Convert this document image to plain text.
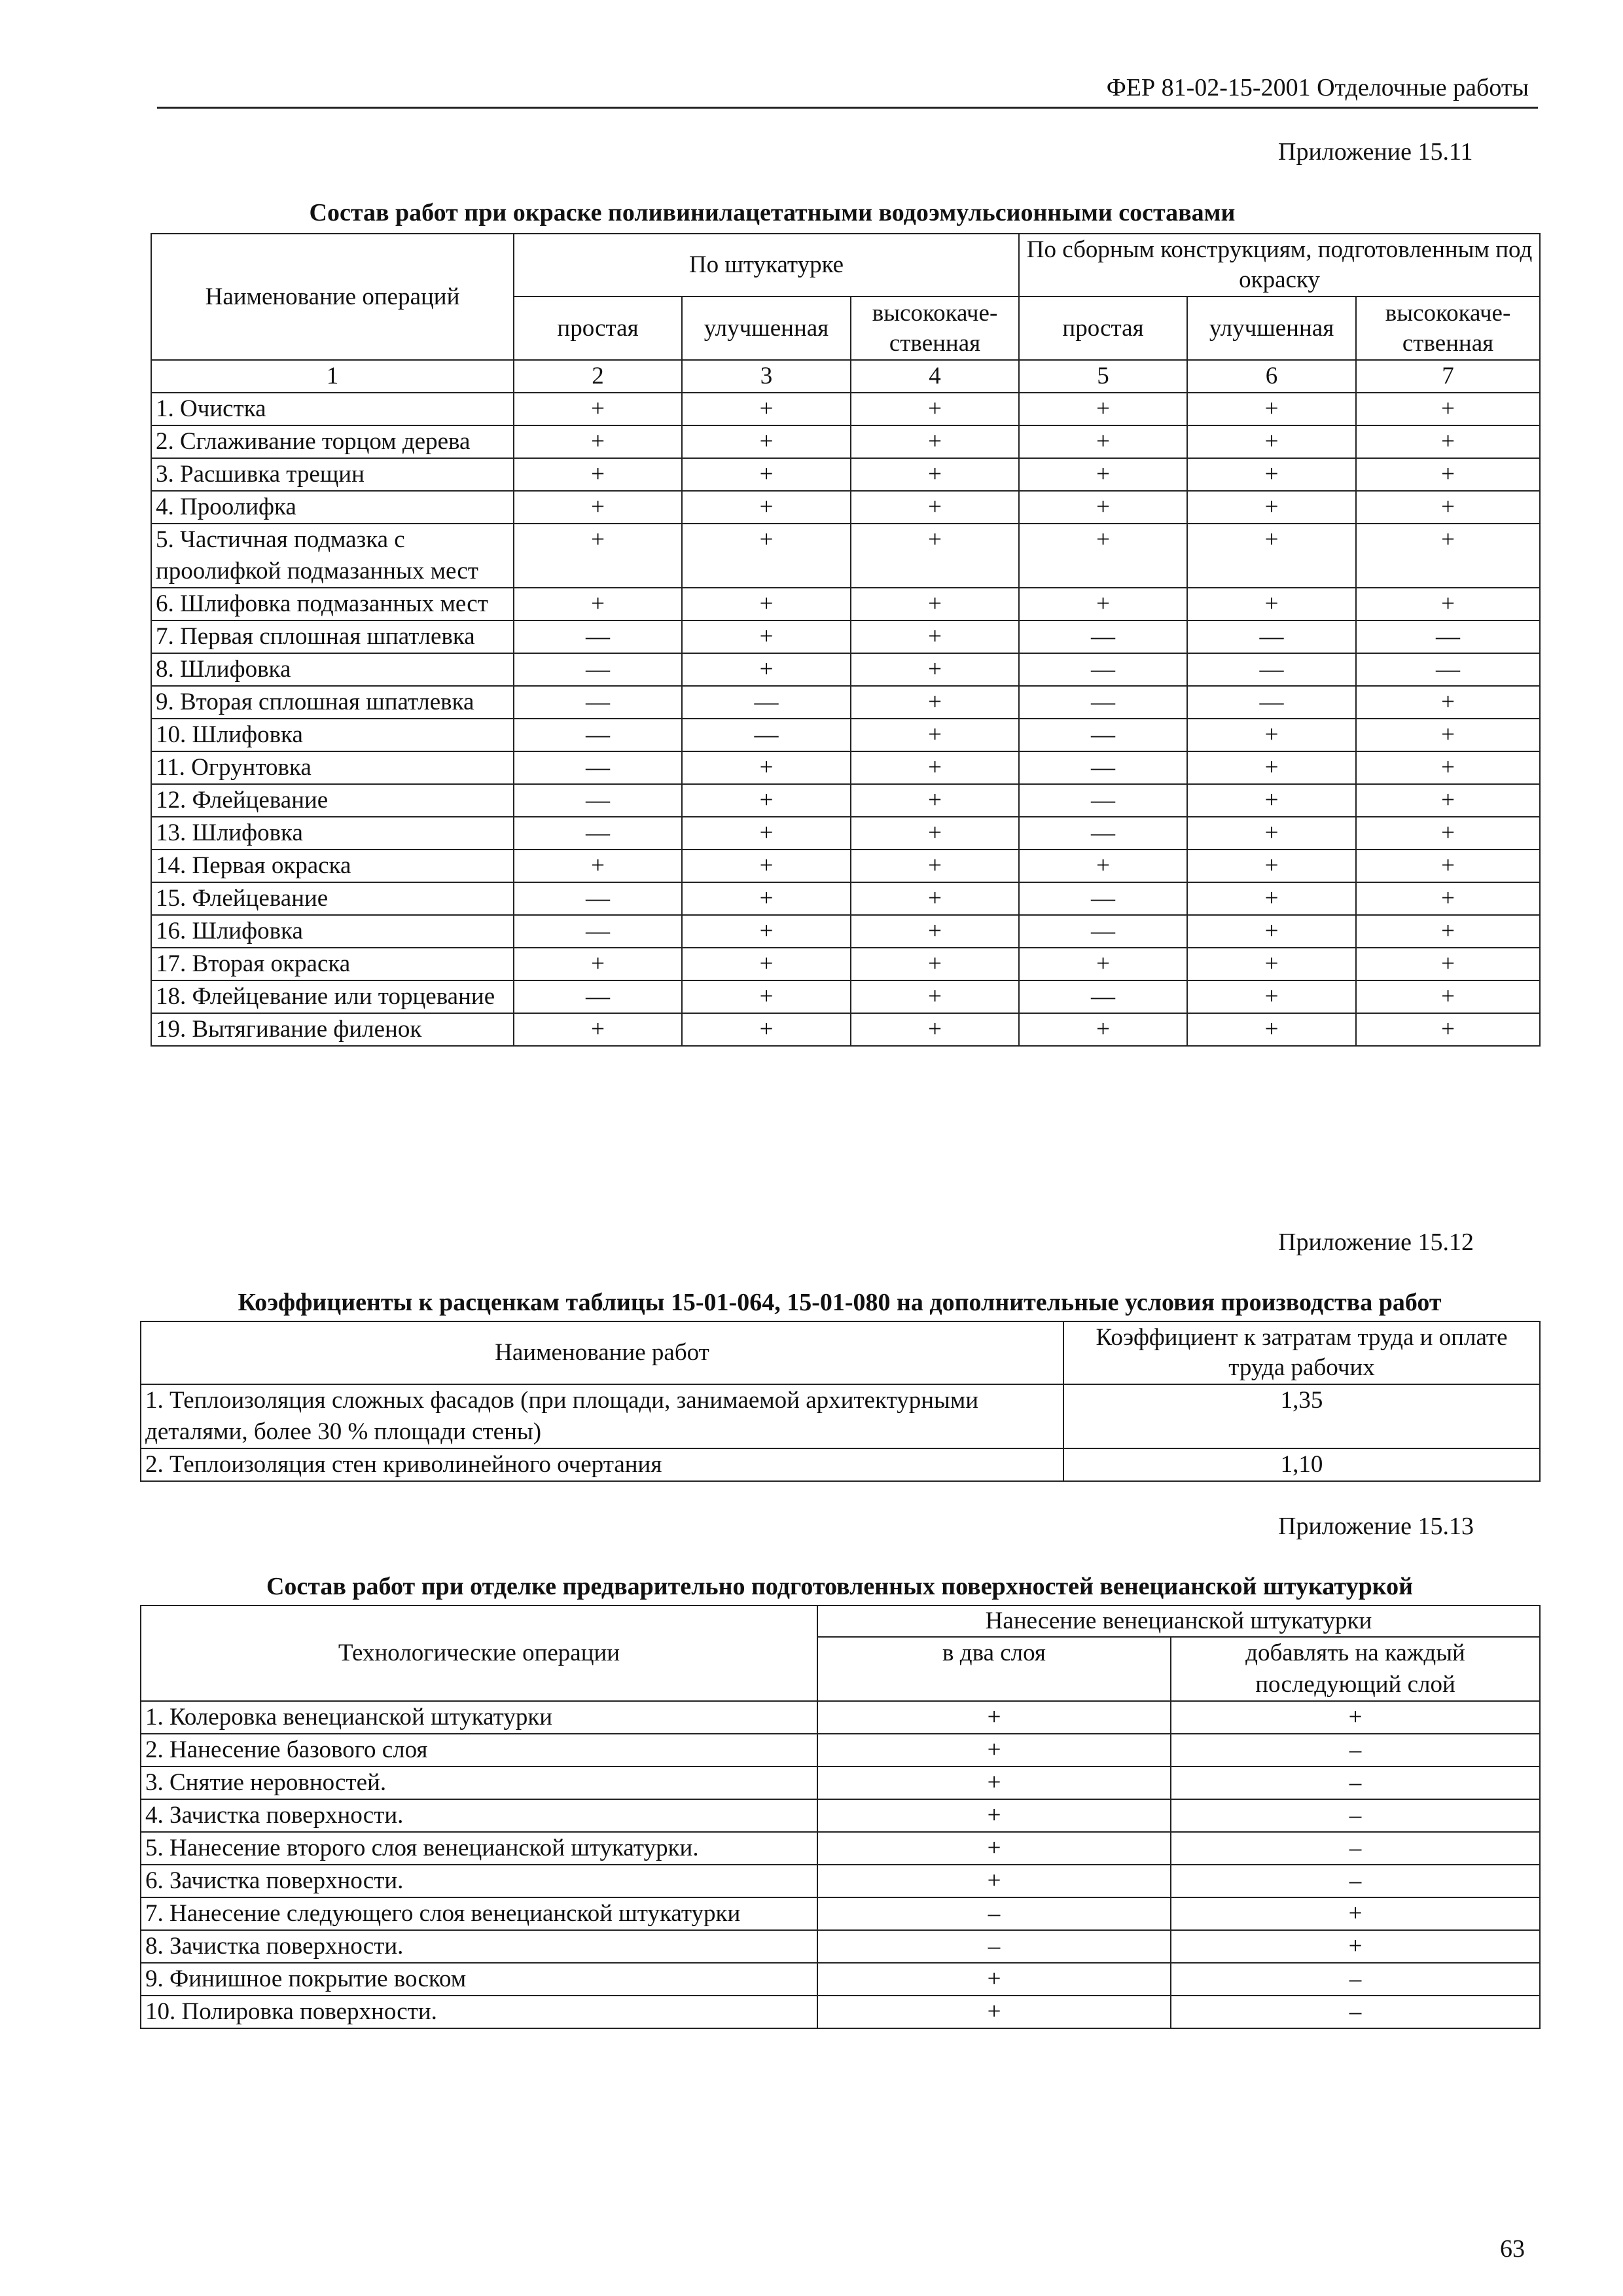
ФЕР 81-02-15-2001 Отделочные работы
Приложение 15.11
Состав работ при окраске поливинилацетатными водоэмульсионными составами
Наименование операций	По штукатурке			По сборным конструкциям, подготовленным под окраску		
	простая	улучшенная	высококаче- ственная	простая	улучшенная	высококаче- ственная
1	2	3	4	5	6	7
1. Очистка	+	+	+	+	+	+
2. Сглаживание торцом дерева	+	+	+	+	+	+
3. Расшивка трещин	+	+	+	+	+	+
4. Проолифка	+	+	+	+	+	+
5. Частичная подмазка с проолифкой подмазанных мест	+	+	+	+	+	+
6. Шлифовка подмазанных мест	+	+	+	+	+	+
7. Первая сплошная шпатлевка	—	+	+	—	—	—
8. Шлифовка	—	+	+	—	—	—
9. Вторая сплошная шпатлевка	—	—	+	—	—	+
10. Шлифовка	—	—	+	—	+	+
11. Огрунтовка	—	+	+	—	+	+
12. Флейцевание	—	+	+	—	+	+
13. Шлифовка	—	+	+	—	+	+
14. Первая окраска	+	+	+	+	+	+
15. Флейцевание	—	+	+	—	+	+
16. Шлифовка	—	+	+	—	+	+
17. Вторая окраска	+	+	+	+	+	+
18. Флейцевание или торцевание	—	+	+	—	+	+
19. Вытягивание филенок	+	+	+	+	+	+
Приложение 15.12
Коэффициенты к расценкам таблицы 15-01-064, 15-01-080 на дополнительные условия производства работ
Наименование работ	Коэффициент к затратам труда и оплате труда рабочих
1. Теплоизоляция сложных фасадов (при площади, занимаемой архитектурными деталями, более 30 % площади стены)	1,35
2. Теплоизоляция стен криволинейного очертания	1,10
Приложение 15.13
Состав работ при отделке предварительно подготовленных поверхностей венецианской штукатуркой
Технологические операции	Нанесение венецианской штукатурки	
	в два слоя	добавлять на каждый последующий слой
1. Колеровка венецианской штукатурки	+	+
2. Нанесение базового слоя	+	–
3. Снятие неровностей.	+	–
4. Зачистка поверхности.	+	–
5. Нанесение второго слоя венецианской штукатурки.	+	–
6. Зачистка поверхности.	+	–
7. Нанесение следующего слоя венецианской штукатурки	–	+
8. Зачистка поверхности.	–	+
9. Финишное покрытие воском	+	–
10. Полировка поверхности.	+	–
63
